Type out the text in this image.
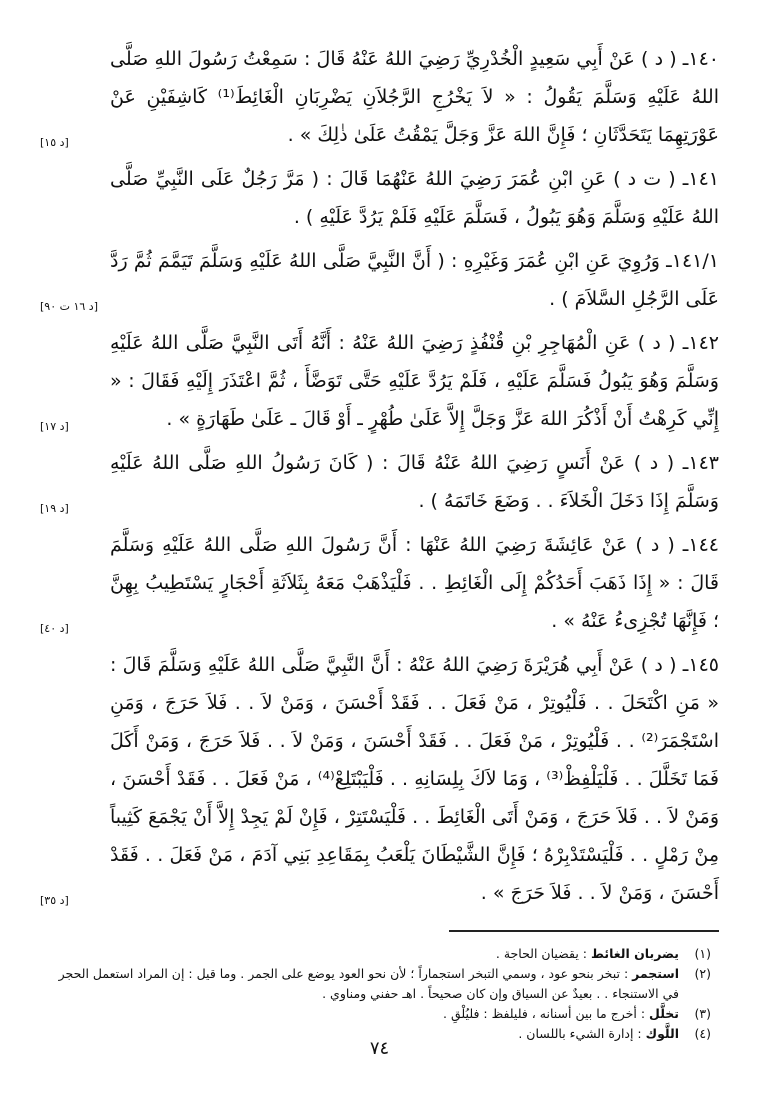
١٤٠ـ ( د ) عَنْ أَبِي سَعِيدٍ الْخُدْرِيِّ رَضِيَ اللهُ عَنْهُ قَالَ : سَمِعْتُ رَسُولَ اللهِ صَلَّى اللهُ عَلَيْهِ وَسَلَّمَ يَقُولُ : « لاَ يَخْرُجِ الرَّجُلاَنِ يَضْرِبَانِ الْغَائِطَ⁽¹⁾ كَاشِفَيْنِ عَنْ عَوْرَتِهِمَا يَتَحَدَّثَانِ ؛ فَإِنَّ اللهَ عَزَّ وَجَلَّ يَمْقُتُ عَلَىٰ ذٰلِكَ » .

[د ١٥]

١٤١ـ ( ت د ) عَنِ ابْنِ عُمَرَ رَضِيَ اللهُ عَنْهُمَا قَالَ : ( مَرَّ رَجُلٌ عَلَى النَّبِيِّ صَلَّى اللهُ عَلَيْهِ وَسَلَّمَ وَهُوَ يَبُولُ ، فَسَلَّمَ عَلَيْهِ فَلَمْ يَرُدَّ عَلَيْهِ ) .

١٤١/١ـ وَرُوِيَ عَنِ ابْنِ عُمَرَ وَغَيْرِهِ : ( أَنَّ النَّبِيَّ صَلَّى اللهُ عَلَيْهِ وَسَلَّمَ تَيَمَّمَ ثُمَّ رَدَّ عَلَى الرَّجُلِ السَّلاَمَ ) .

[د ١٦ ت ٩٠]

١٤٢ـ ( د ) عَنِ الْمُهَاجِرِ بْنِ قُنْفُذٍ رَضِيَ اللهُ عَنْهُ : أَنَّهُ أَتَى النَّبِيَّ صَلَّى اللهُ عَلَيْهِ وَسَلَّمَ وَهُوَ يَبُولُ فَسَلَّمَ عَلَيْهِ ، فَلَمْ يَرُدَّ عَلَيْهِ حَتَّى تَوَضَّأَ ، ثُمَّ اعْتَذَرَ إِلَيْهِ فَقَالَ : « إِنِّي كَرِهْتُ أَنْ أَذْكُرَ اللهَ عَزَّ وَجَلَّ إِلاَّ عَلَىٰ طُهْرٍ ـ أَوْ قَالَ ـ عَلَىٰ طَهَارَةٍ » .

[د ١٧]

١٤٣ـ ( د ) عَنْ أَنَسٍ رَضِيَ اللهُ عَنْهُ قَالَ : ( كَانَ رَسُولُ اللهِ صَلَّى اللهُ عَلَيْهِ وَسَلَّمَ إِذَا دَخَلَ الْخَلاَءَ . . وَضَعَ خَاتَمَهُ ) .

[د ١٩]

١٤٤ـ ( د ) عَنْ عَائِشَةَ رَضِيَ اللهُ عَنْهَا : أَنَّ رَسُولَ اللهِ صَلَّى اللهُ عَلَيْهِ وَسَلَّمَ قَالَ : « إِذَا ذَهَبَ أَحَدُكُمْ إِلَى الْغَائِطِ . . فَلْيَذْهَبْ مَعَهُ بِثَلاَثَةِ أَحْجَارٍ يَسْتَطِيبُ بِهِنَّ ؛ فَإِنَّهَا تُجْزِىءُ عَنْهُ » .

[د ٤٠]

١٤٥ـ ( د ) عَنْ أَبِي هُرَيْرَةَ رَضِيَ اللهُ عَنْهُ : أَنَّ النَّبِيَّ صَلَّى اللهُ عَلَيْهِ وَسَلَّمَ قَالَ : « مَنِ اكْتَحَلَ . . فَلْيُوتِرْ ، مَنْ فَعَلَ . . فَقَدْ أَحْسَنَ ، وَمَنْ لاَ . . فَلاَ حَرَجَ ، وَمَنِ اسْتَجْمَرَ⁽²⁾ . . فَلْيُوتِرْ ، مَنْ فَعَلَ . . فَقَدْ أَحْسَنَ ، وَمَنْ لاَ . . فَلاَ حَرَجَ ، وَمَنْ أَكَلَ فَمَا تَخَلَّلَ . . فَلْيَلْفِظْ⁽³⁾ ، وَمَا لاَكَ بِلِسَانِهِ . . فَلْيَبْتَلِعْ⁽⁴⁾ ، مَنْ فَعَلَ . . فَقَدْ أَحْسَنَ ، وَمَنْ لاَ . . فَلاَ حَرَجَ ، وَمَنْ أَتَى الْغَائِطَ . . فَلْيَسْتَتِرْ ، فَإِنْ لَمْ يَجِدْ إِلاَّ أَنْ يَجْمَعَ كَثِيباً مِنْ رَمْلٍ . . فَلْيَسْتَدْبِرْهُ ؛ فَإِنَّ الشَّيْطَانَ يَلْعَبُ بِمَقَاعِدِ بَنِي آدَمَ ، مَنْ فَعَلَ . . فَقَدْ أَحْسَنَ ، وَمَنْ لاَ . . فَلاَ حَرَجَ » .

[د ٣٥]
(١)
يضربان الغائط : يقضيان الحاجة .
(٢)
استجمر : تبخر بنحو عود ، وسمي التبخر استجماراً ؛ لأن نحو العود يوضع على الجمر . وما قيل : إن المراد استعمل الحجر في الاستنجاء . . بعيدٌ عن السياق وإن كان صحيحاً . اهـ حفني ومناوي .
(٣)
تخلَّل : أخرج ما بين أسنانه ، فليلفظ : فليُلْقِ .
(٤)
اللَّوك : إدارة الشيء باللسان .
٧٤
